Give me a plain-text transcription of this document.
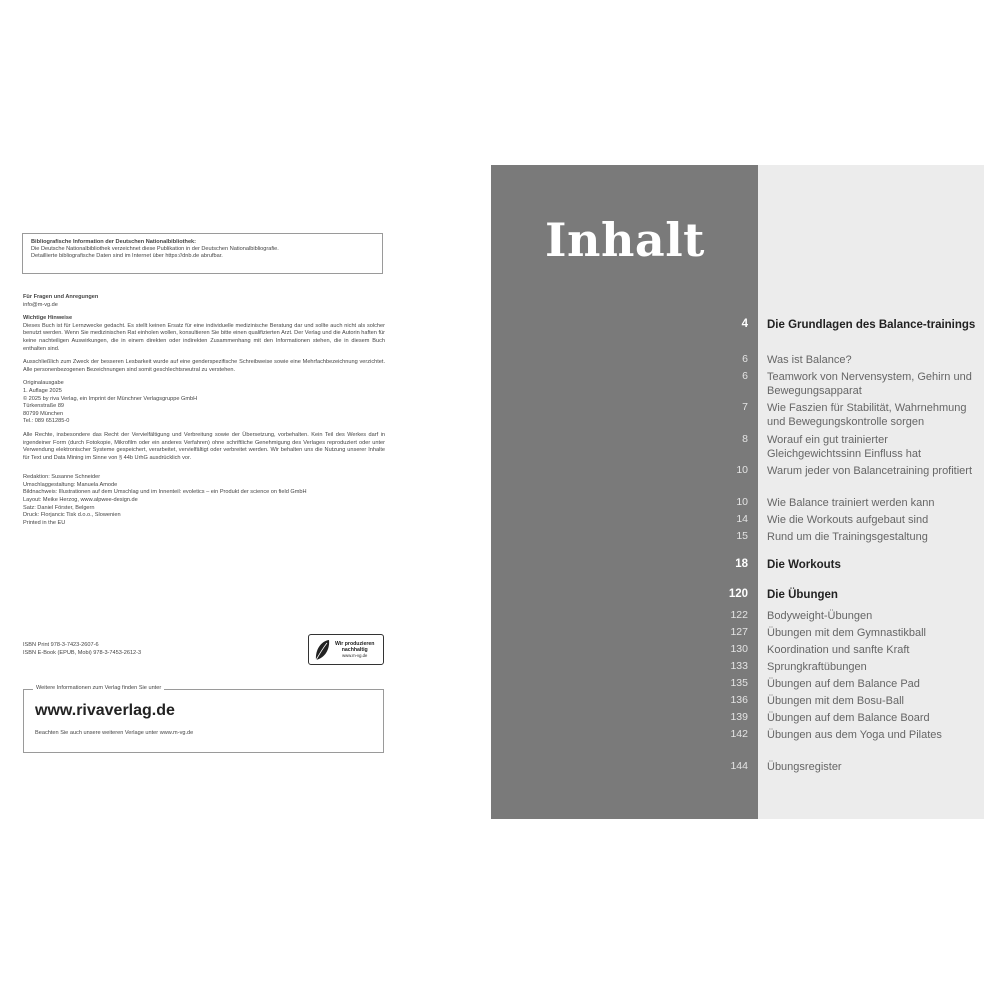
Bibliografische Information der Deutschen Nationalbibliothek:
Die Deutsche Nationalbibliothek verzeichnet diese Publikation in der Deutschen Nationalbibliografie.
Detaillierte bibliografische Daten sind im Internet über https://dnb.de abrufbar.

Für Fragen und Anregungen

info@m-vg.de

Wichtige Hinweise

Dieses Buch ist für Lernzwecke gedacht. Es stellt keinen Ersatz für eine individuelle medizinische Beratung dar und sollte auch nicht als solcher benutzt werden. Wenn Sie medizinischen Rat einholen wollen, konsultieren Sie bitte einen qualifizierten Arzt. Der Verlag und die Autorin haften für keine nachteiligen Auswirkungen, die in einem direkten oder indirekten Zusammenhang mit den Informationen stehen, die in diesem Buch enthalten sind.

Ausschließlich zum Zweck der besseren Lesbarkeit wurde auf eine genderspezifische Schreibweise sowie eine Mehrfachbezeichnung verzichtet. Alle personenbezogenen Bezeichnungen sind somit geschlechtsneutral zu verstehen.

Originalausgabe

1. Auflage 2025

© 2025 by riva Verlag, ein Imprint der Münchner Verlagsgruppe GmbH

Türkenstraße 89

80799 München

Tel.: 089 651285-0

Alle Rechte, insbesondere das Recht der Vervielfältigung und Verbreitung sowie der Übersetzung, vorbehalten. Kein Teil des Werkes darf in irgendeiner Form (durch Fotokopie, Mikrofilm oder ein anderes Verfahren) ohne schriftliche Genehmigung des Verlages reproduziert oder unter Verwendung elektronischer Systeme gespeichert, verarbeitet, vervielfältigt oder verbreitet werden. Wir behalten uns die Nutzung unserer Inhalte für Text und Data Mining im Sinne von § 44b UrhG ausdrücklich vor.

Redaktion: Susanne Schneider

Umschlaggestaltung: Manuela Amode

Bildnachweis: Illustrationen auf dem Umschlag und im Innenteil: evoletics – ein Produkt der science on field GmbH

Layout: Meike Herzog, www.alpwee-design.de

Satz: Daniel Förster, Belgern

Druck: Florjancic Tisk d.o.o., Slowenien

Printed in the EU

ISBN Print 978-3-7423-2607-6
ISBN E-Book (EPUB, Mobi) 978-3-7453-2612-3
Wir produzieren
nachhaltig
www.m-vg.de
Weitere Informationen zum Verlag finden Sie unter
www.rivaverlag.de
Beachten Sie auch unsere weiteren Verlage unter www.m-vg.de
Inhalt
4 Die Grundlagen des Balance-trainings
6 Was ist Balance?
6 Teamwork von Nervensystem, Gehirn und Bewegungsapparat
7 Wie Faszien für Stabilität, Wahrnehmung und Bewegungskontrolle sorgen
8 Worauf ein gut trainierter Gleichgewichtssinn Einfluss hat
10 Warum jeder von Balancetraining profitiert
10 Wie Balance trainiert werden kann
14 Wie die Workouts aufgebaut sind
15 Rund um die Trainingsgestaltung
18 Die Workouts
120 Die Übungen
122 Bodyweight-Übungen
127 Übungen mit dem Gymnastikball
130 Koordination und sanfte Kraft
133 Sprungkraftübungen
135 Übungen auf dem Balance Pad
136 Übungen mit dem Bosu-Ball
139 Übungen auf dem Balance Board
142 Übungen aus dem Yoga und Pilates
144 Übungsregister
